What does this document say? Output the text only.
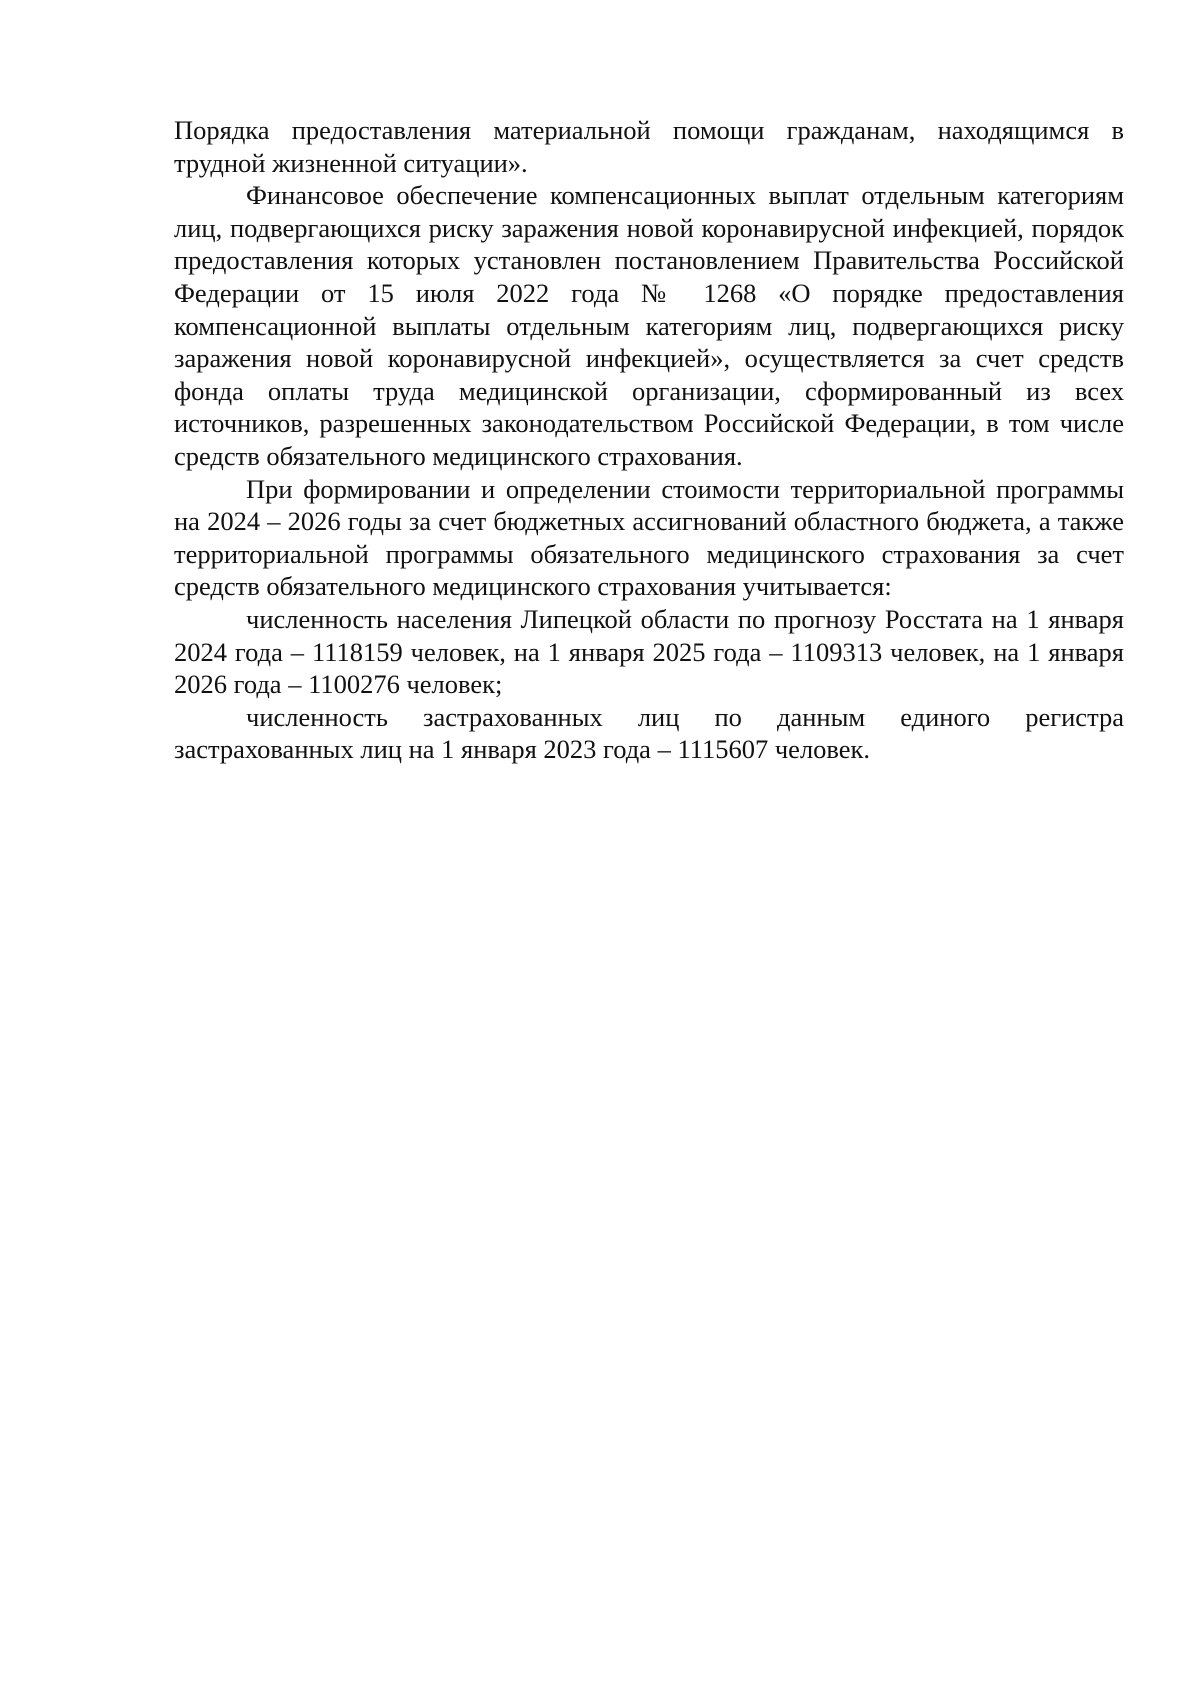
Порядка предоставления материальной помощи гражданам, находящимся в трудной жизненной ситуации».

Финансовое обеспечение компенсационных выплат отдельным категориям лиц, подвергающихся риску заражения новой коронавирусной инфекцией, порядок предоставления которых установлен постановлением Правительства Российской Федерации от 15 июля 2022 года № 1268 «О порядке предоставления компенсационной выплаты отдельным категориям лиц, подвергающихся риску заражения новой коронавирусной инфекцией», осуществляется за счет средств фонда оплаты труда медицинской организации, сформированный из всех источников, разрешенных законодательством Российской Федерации, в том числе средств обязательного медицинского страхования.

При формировании и определении стоимости территориальной программы на 2024 – 2026 годы за счет бюджетных ассигнований областного бюджета, а также территориальной программы обязательного медицинского страхования за счет средств обязательного медицинского страхования учитывается:

численность населения Липецкой области по прогнозу Росстата на 1 января 2024 года – 1118159 человек, на 1 января 2025 года – 1109313 человек, на 1 января 2026 года – 1100276 человек;

численность застрахованных лиц по данным единого регистра застрахованных лиц на 1 января 2023 года – 1115607 человек.
